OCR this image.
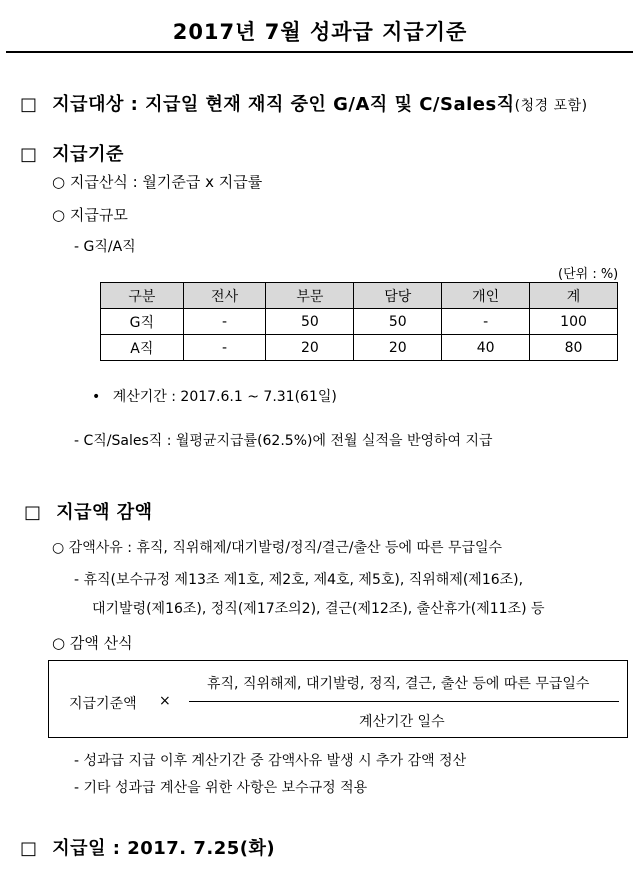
2017년 7월 성과급 지급기준
□ 지급대상 : 지급일 현재 재직 중인 G/A직 및 C/Sales직(청경 포함)
□ 지급기준
○ 지급산식 : 월기준급 x 지급률
○ 지급규모
- G직/A직
(단위 : %)
구분	전사	부문	담당	개인	계
G직	-	50	50	-	100
A직	-	20	20	40	80
• 계산기간 : 2017.6.1 ~ 7.31(61일)
- C직/Sales직 : 월평균지급률(62.5%)에 전월 실적을 반영하여 지급
□ 지급액 감액
○ 감액사유 : 휴직, 직위해제/대기발령/정직/결근/출산 등에 따른 무급일수
- 휴직(보수규정 제13조 제1호, 제2호, 제4호, 제5호), 직위해제(제16조),
대기발령(제16조), 정직(제17조의2), 결근(제12조), 출산휴가(제11조) 등
○ 감액 산식
지급기준액 ×
휴직, 직위해제, 대기발령, 정직, 결근, 출산 등에 따른 무급일수
계산기간 일수
- 성과급 지급 이후 계산기간 중 감액사유 발생 시 추가 감액 정산
- 기타 성과급 계산을 위한 사항은 보수규정 적용
□ 지급일 : 2017. 7.25(화)
